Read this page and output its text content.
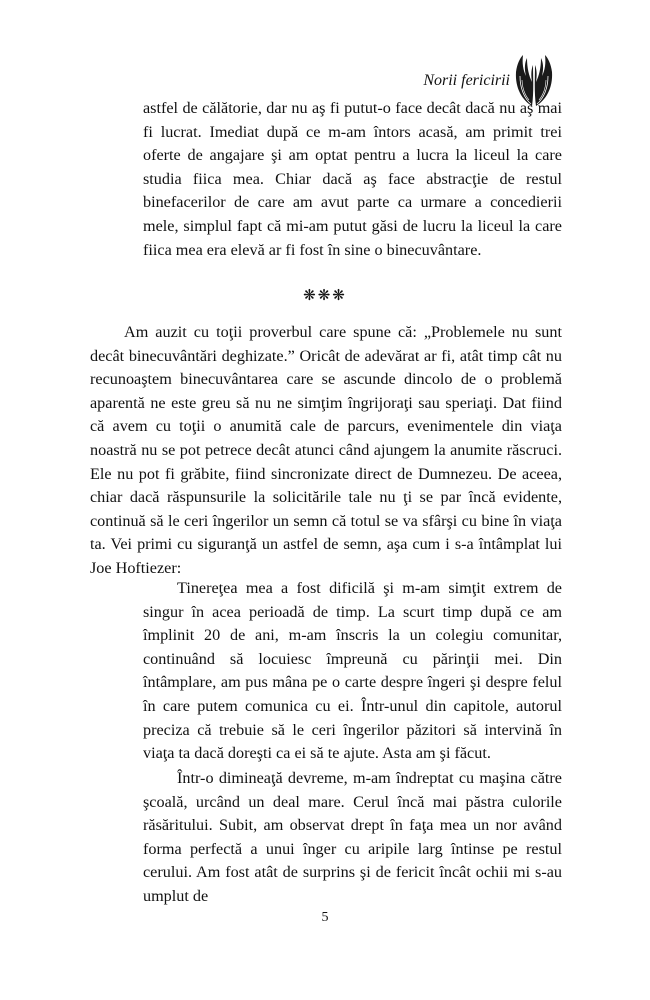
Norii fericirii

astfel de călătorie, dar nu aş fi putut-o face decât dacă nu aş mai fi lucrat. Imediat după ce m-am întors acasă, am primit trei oferte de angajare şi am optat pentru a lucra la liceul la care studia fiica mea. Chiar dacă aş face abstracţie de restul binefacerilor de care am avut parte ca urmare a concedierii mele, simplul fapt că mi-am putut găsi de lucru la liceul la care fiica mea era elevă ar fi fost în sine o binecuvântare.

❋❋❋

Am auzit cu toţii proverbul care spune că: „Problemele nu sunt decât binecuvântări deghizate.” Oricât de adevărat ar fi, atât timp cât nu recunoaştem binecuvântarea care se ascunde dincolo de o problemă aparentă ne este greu să nu ne simţim îngrijoraţi sau speriaţi. Dat fiind că avem cu toţii o anumită cale de parcurs, evenimentele din viaţa noastră nu se pot petrece decât atunci când ajungem la anumite răscruci. Ele nu pot fi grăbite, fiind sincronizate direct de Dumnezeu. De aceea, chiar dacă răspunsurile la solicitările tale nu ţi se par încă evidente, continuă să le ceri îngerilor un semn că totul se va sfârşi cu bine în viaţa ta. Vei primi cu siguranţă un astfel de semn, aşa cum i s-a întâmplat lui Joe Hoftiezer:

Tinereţea mea a fost dificilă şi m-am simţit extrem de singur în acea perioadă de timp. La scurt timp după ce am împlinit 20 de ani, m-am înscris la un colegiu comunitar, continuând să locuiesc împreună cu părinţii mei. Din întâmplare, am pus mâna pe o carte despre îngeri şi despre felul în care putem comunica cu ei. Într-unul din capitole, autorul preciza că trebuie să le ceri îngerilor păzitori să intervină în viaţa ta dacă doreşti ca ei să te ajute. Asta am şi făcut.

Într-o dimineaţă devreme, m-am îndreptat cu maşina către şcoală, urcând un deal mare. Cerul încă mai păstra culorile răsăritului. Subit, am observat drept în faţa mea un nor având forma perfectă a unui înger cu aripile larg întinse pe restul cerului. Am fost atât de surprins şi de fericit încât ochii mi s-au umplut de

5
